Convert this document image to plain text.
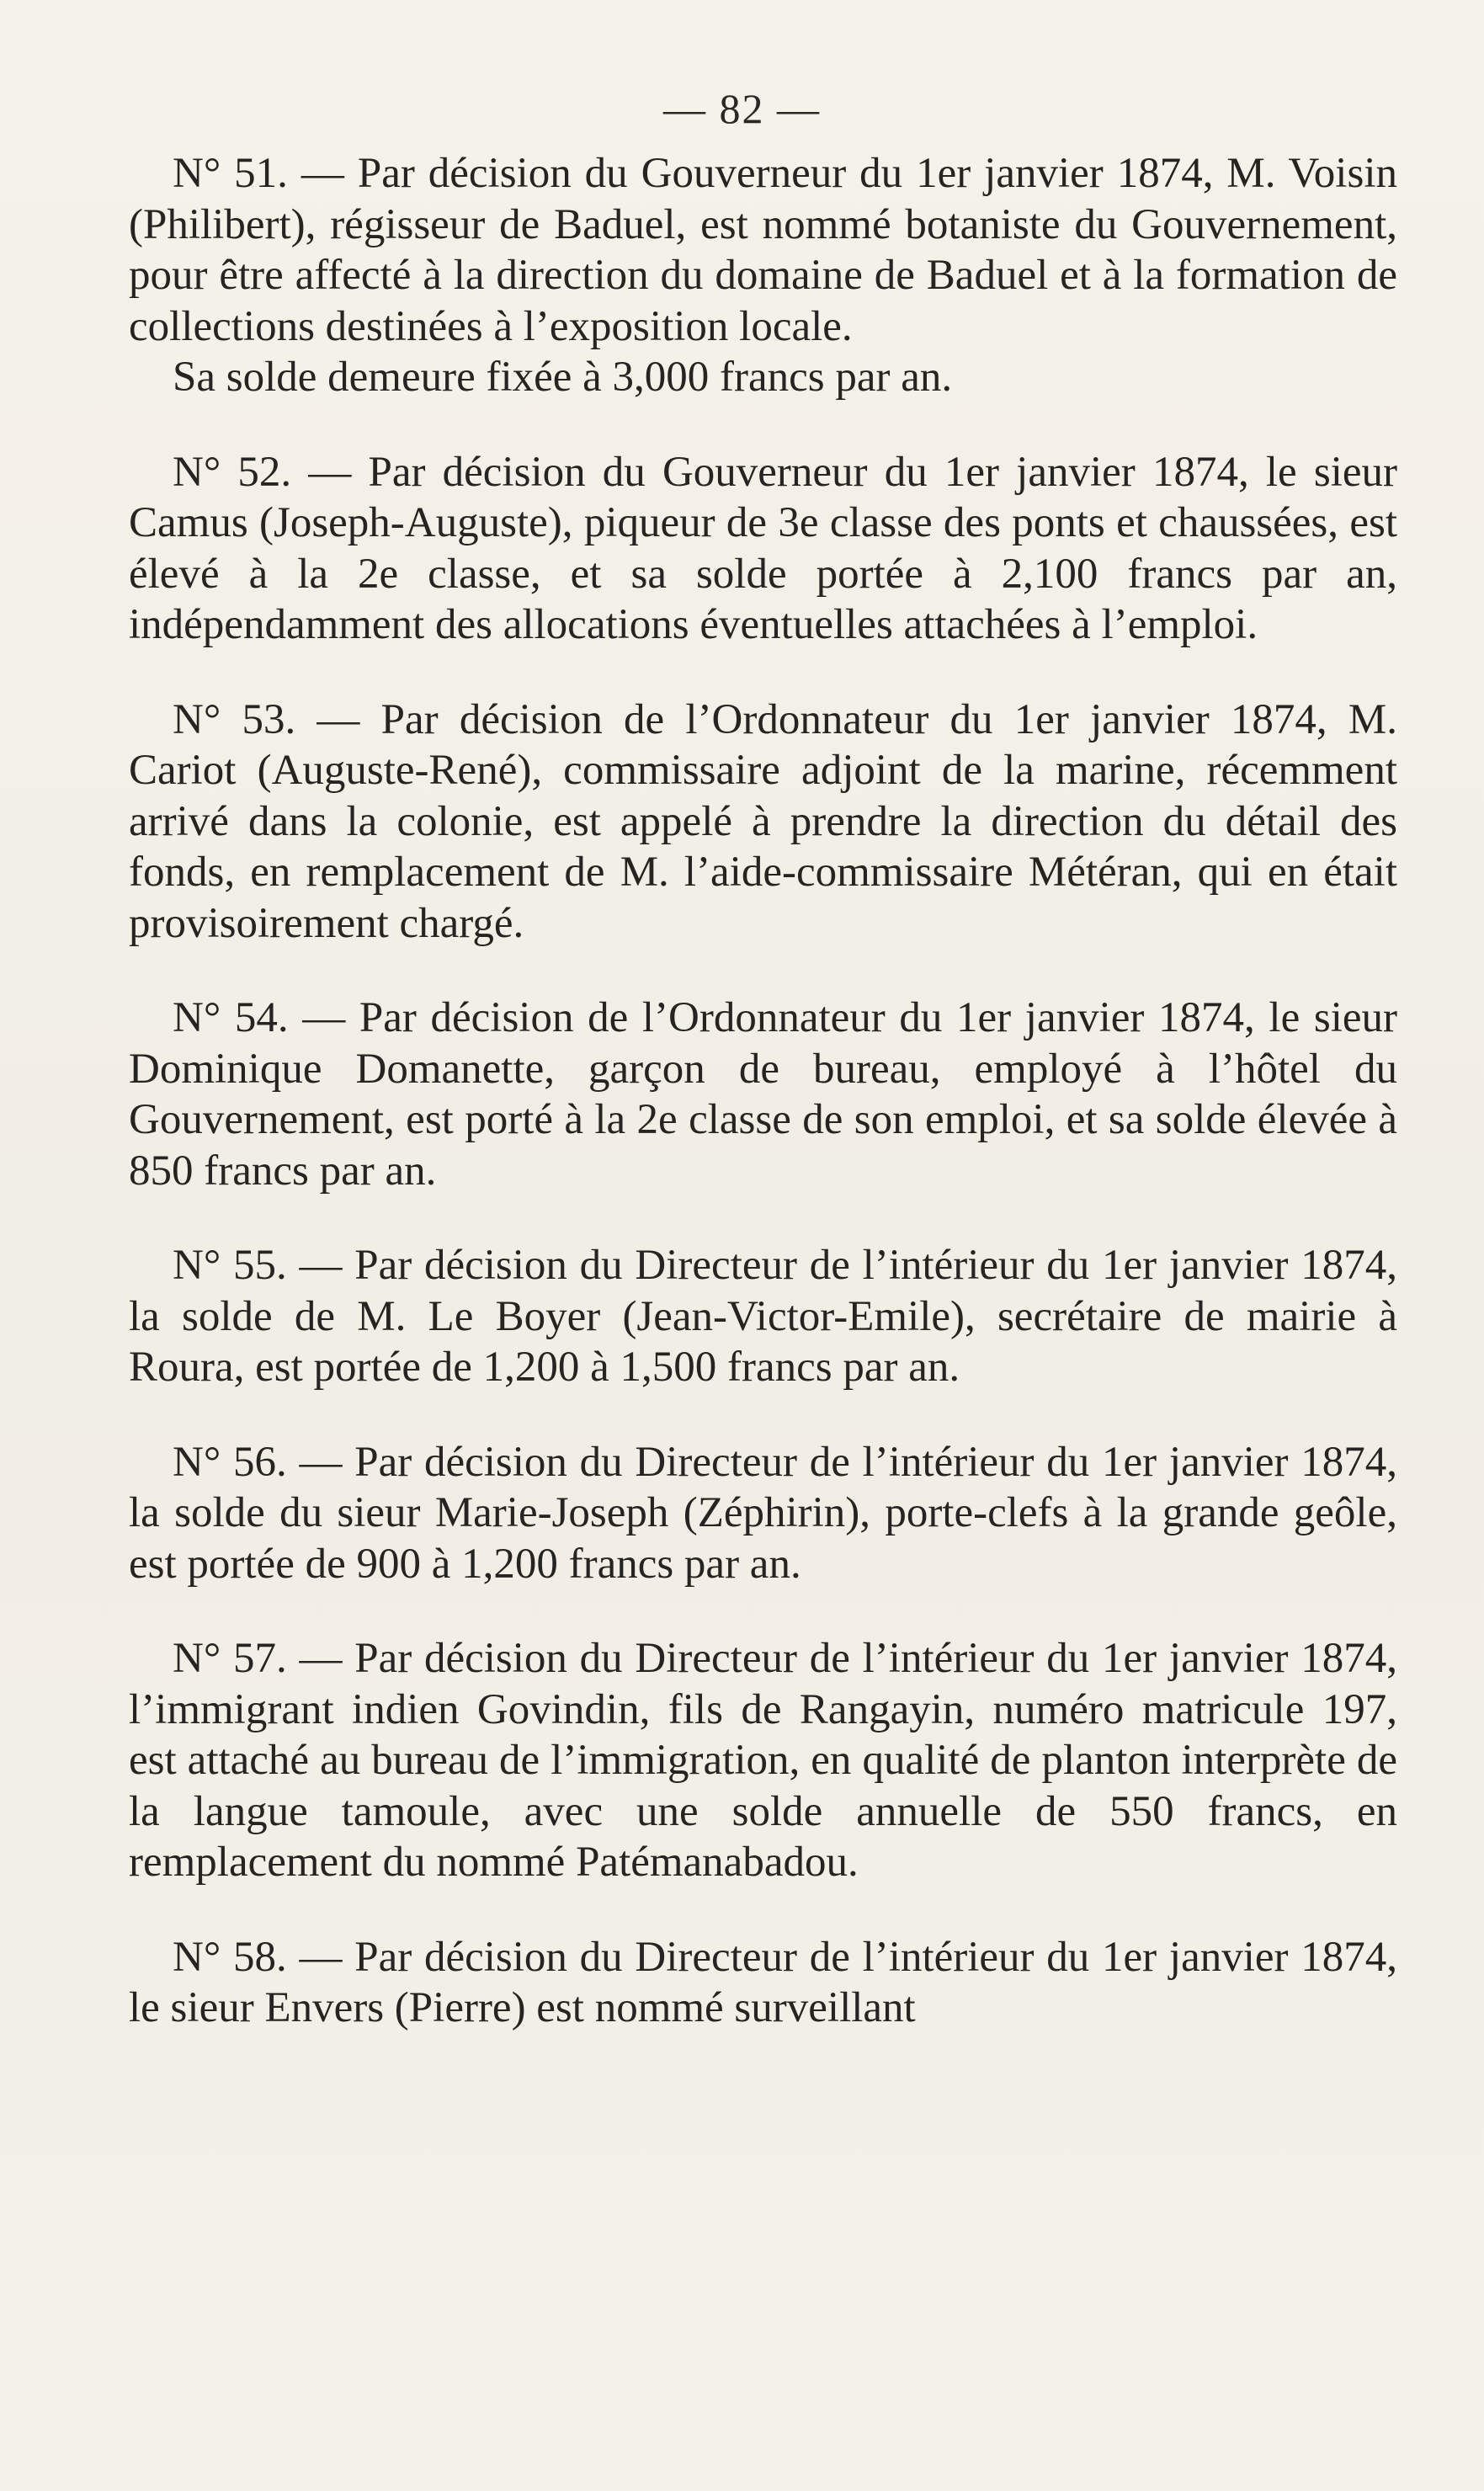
— 82 —

N° 51. — Par décision du Gouverneur du 1er janvier 1874, M. Voisin (Philibert), régisseur de Baduel, est nommé botaniste du Gouvernement, pour être affecté à la direction du domaine de Baduel et à la formation de collections destinées à l’exposition locale.

Sa solde demeure fixée à 3,000 francs par an.

N° 52. — Par décision du Gouverneur du 1er janvier 1874, le sieur Camus (Joseph-Auguste), piqueur de 3e classe des ponts et chaussées, est élevé à la 2e classe, et sa solde portée à 2,100 francs par an, indépendamment des allocations éventuelles attachées à l’emploi.

N° 53. — Par décision de l’Ordonnateur du 1er janvier 1874, M. Cariot (Auguste-René), commissaire adjoint de la marine, récemment arrivé dans la colonie, est appelé à prendre la direction du détail des fonds, en remplacement de M. l’aide-commissaire Météran, qui en était provisoirement chargé.

N° 54. — Par décision de l’Ordonnateur du 1er janvier 1874, le sieur Dominique Domanette, garçon de bureau, employé à l’hôtel du Gouvernement, est porté à la 2e classe de son emploi, et sa solde élevée à 850 francs par an.

N° 55. — Par décision du Directeur de l’intérieur du 1er janvier 1874, la solde de M. Le Boyer (Jean-Victor-Emile), secrétaire de mairie à Roura, est portée de 1,200 à 1,500 francs par an.

N° 56. — Par décision du Directeur de l’intérieur du 1er janvier 1874, la solde du sieur Marie-Joseph (Zéphirin), porte-clefs à la grande geôle, est portée de 900 à 1,200 francs par an.

N° 57. — Par décision du Directeur de l’intérieur du 1er janvier 1874, l’immigrant indien Govindin, fils de Rangayin, numéro matricule 197, est attaché au bureau de l’immigration, en qualité de planton interprète de la langue tamoule, avec une solde annuelle de 550 francs, en remplacement du nommé Patémanabadou.

N° 58. — Par décision du Directeur de l’intérieur du 1er janvier 1874, le sieur Envers (Pierre) est nommé surveillant
